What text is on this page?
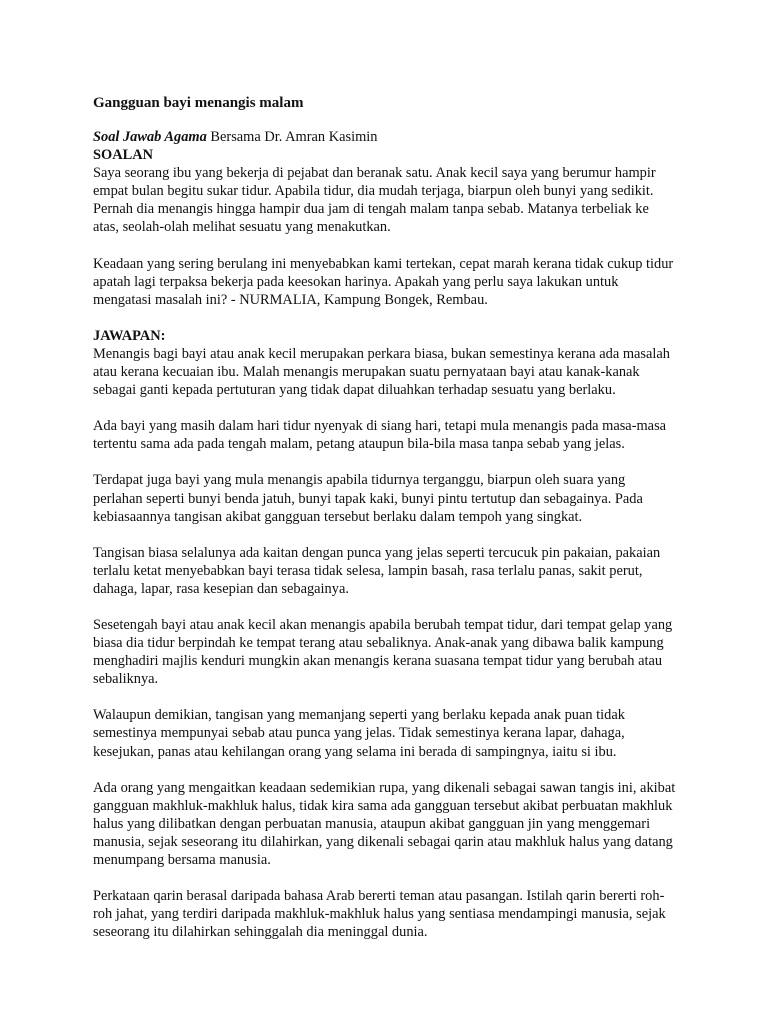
Gangguan bayi menangis malam

Soal Jawab Agama Bersama Dr. Amran Kasimin

SOALAN

Saya seorang ibu yang bekerja di pejabat dan beranak satu. Anak kecil saya yang berumur hampir empat bulan begitu sukar tidur. Apabila tidur, dia mudah terjaga, biarpun oleh bunyi yang sedikit. Pernah dia menangis hingga hampir dua jam di tengah malam tanpa sebab. Matanya terbeliak ke atas, seolah-olah melihat sesuatu yang menakutkan.

Keadaan yang sering berulang ini menyebabkan kami tertekan, cepat marah kerana tidak cukup tidur apatah lagi terpaksa bekerja pada keesokan harinya. Apakah yang perlu saya lakukan untuk mengatasi masalah ini? - NURMALIA, Kampung Bongek, Rembau.

JAWAPAN:

Menangis bagi bayi atau anak kecil merupakan perkara biasa, bukan semestinya kerana ada masalah atau kerana kecuaian ibu. Malah menangis merupakan suatu pernyataan bayi atau kanak-kanak sebagai ganti kepada pertuturan yang tidak dapat diluahkan terhadap sesuatu yang berlaku.

Ada bayi yang masih dalam hari tidur nyenyak di siang hari, tetapi mula menangis pada masa-masa tertentu sama ada pada tengah malam, petang ataupun bila-bila masa tanpa sebab yang jelas.

Terdapat juga bayi yang mula menangis apabila tidurnya terganggu, biarpun oleh suara yang perlahan seperti bunyi benda jatuh, bunyi tapak kaki, bunyi pintu tertutup dan sebagainya. Pada kebiasaannya tangisan akibat gangguan tersebut berlaku dalam tempoh yang singkat.

Tangisan biasa selalunya ada kaitan dengan punca yang jelas seperti tercucuk pin pakaian, pakaian terlalu ketat menyebabkan bayi terasa tidak selesa, lampin basah, rasa terlalu panas, sakit perut, dahaga, lapar, rasa kesepian dan sebagainya.

Sesetengah bayi atau anak kecil akan menangis apabila berubah tempat tidur, dari tempat gelap yang biasa dia tidur berpindah ke tempat terang atau sebaliknya. Anak-anak yang dibawa balik kampung menghadiri majlis kenduri mungkin akan menangis kerana suasana tempat tidur yang berubah atau sebaliknya.

Walaupun demikian, tangisan yang memanjang seperti yang berlaku kepada anak puan tidak semestinya mempunyai sebab atau punca yang jelas. Tidak semestinya kerana lapar, dahaga, kesejukan, panas atau kehilangan orang yang selama ini berada di sampingnya, iaitu si ibu.

Ada orang yang mengaitkan keadaan sedemikian rupa, yang dikenali sebagai sawan tangis ini, akibat gangguan makhluk-makhluk halus, tidak kira sama ada gangguan tersebut akibat perbuatan makhluk halus yang dilibatkan dengan perbuatan manusia, ataupun akibat gangguan jin yang menggemari manusia, sejak seseorang itu dilahirkan, yang dikenali sebagai qarin atau makhluk halus yang datang menumpang bersama manusia.

Perkataan qarin berasal daripada bahasa Arab bererti teman atau pasangan. Istilah qarin bererti roh-roh jahat, yang terdiri daripada makhluk-makhluk halus yang sentiasa mendampingi manusia, sejak seseorang itu dilahirkan sehinggalah dia meninggal dunia.
